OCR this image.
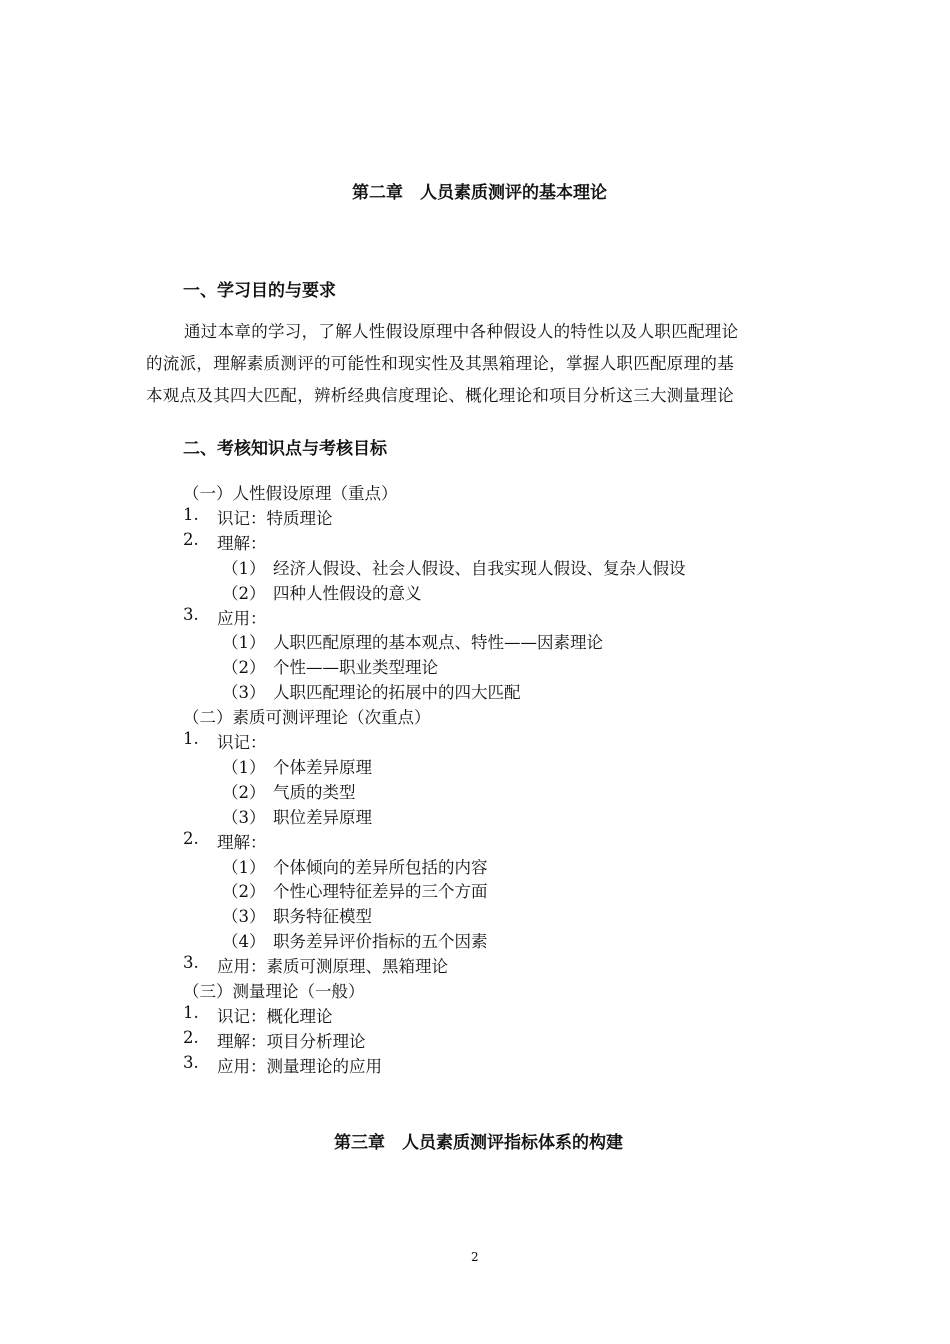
第二章　人员素质测评的基本理论
一、学习目的与要求
通过本章的学习，了解人性假设原理中各种假设人的特性以及人职匹配理论
的流派，理解素质测评的可能性和现实性及其黑箱理论，掌握人职匹配原理的基
本观点及其四大匹配，辨析经典信度理论、概化理论和项目分析这三大测量理论
二、考核知识点与考核目标
（一）人性假设原理（重点）
1. 识记：特质理论
2. 理解：
（1） 经济人假设、社会人假设、自我实现人假设、复杂人假设
（2） 四种人性假设的意义
3. 应用：
（1） 人职匹配原理的基本观点、特性——因素理论
（2） 个性——职业类型理论
（3） 人职匹配理论的拓展中的四大匹配
（二）素质可测评理论（次重点）
1. 识记：
（1） 个体差异原理
（2） 气质的类型
（3） 职位差异原理
2. 理解：
（1） 个体倾向的差异所包括的内容
（2） 个性心理特征差异的三个方面
（3） 职务特征模型
（4） 职务差异评价指标的五个因素
3. 应用：素质可测原理、黑箱理论
（三）测量理论（一般）
1. 识记：概化理论
2. 理解：项目分析理论
3. 应用：测量理论的应用
第三章　人员素质测评指标体系的构建
2
